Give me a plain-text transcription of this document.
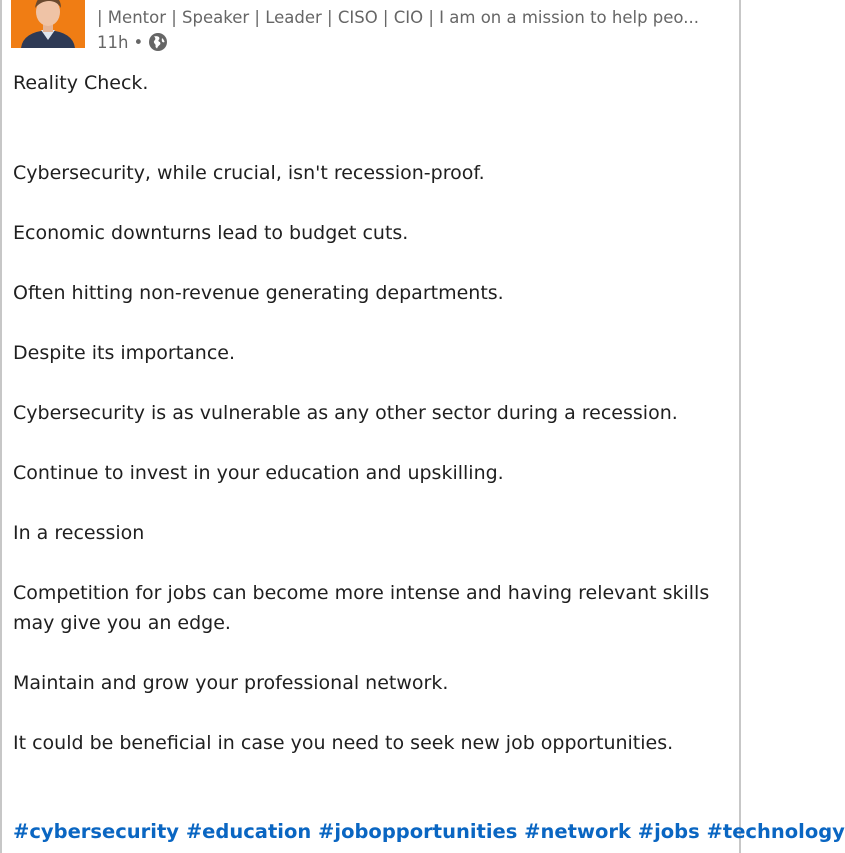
| Mentor | Speaker | Leader | CISO | CIO | I am on a mission to help peo...
11h •

Reality Check.

Cybersecurity, while crucial, isn't recession-proof.

Economic downturns lead to budget cuts.

Often hitting non-revenue generating departments.

Despite its importance.

Cybersecurity is as vulnerable as any other sector during a recession.

Continue to invest in your education and upskilling.

In a recession

Competition for jobs can become more intense and having relevant skills may give you an edge.

Maintain and grow your professional network.

It could be beneficial in case you need to seek new job opportunities.

#cybersecurity #education #jobopportunities #network #jobs #technology
